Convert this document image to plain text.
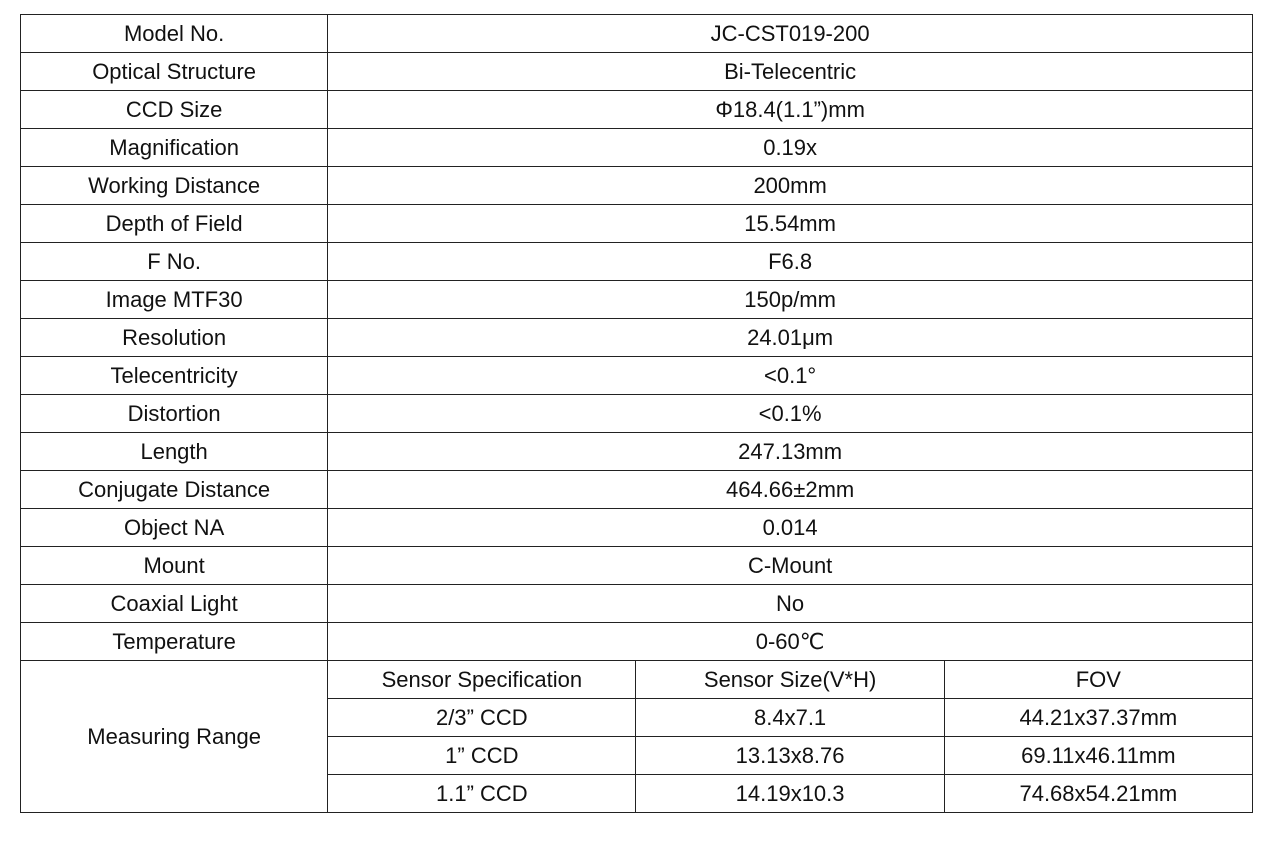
Model No.	JC-CST019-200		
Optical Structure	Bi-Telecentric		
CCD Size	Φ18.4(1.1”)mm		
Magnification	0.19x		
Working Distance	200mm		
Depth of Field	15.54mm		
F No.	F6.8		
Image MTF30	150p/mm		
Resolution	24.01μm		
Telecentricity	<0.1°		
Distortion	<0.1%		
Length	247.13mm		
Conjugate Distance	464.66±2mm		
Object NA	0.014		
Mount	C-Mount		
Coaxial Light	No		
Temperature	0-60℃		
Measuring Range	Sensor Specification	Sensor Size(V*H)	FOV
	2/3” CCD	8.4x7.1	44.21x37.37mm
	1” CCD	13.13x8.76	69.11x46.11mm
	1.1” CCD	14.19x10.3	74.68x54.21mm
